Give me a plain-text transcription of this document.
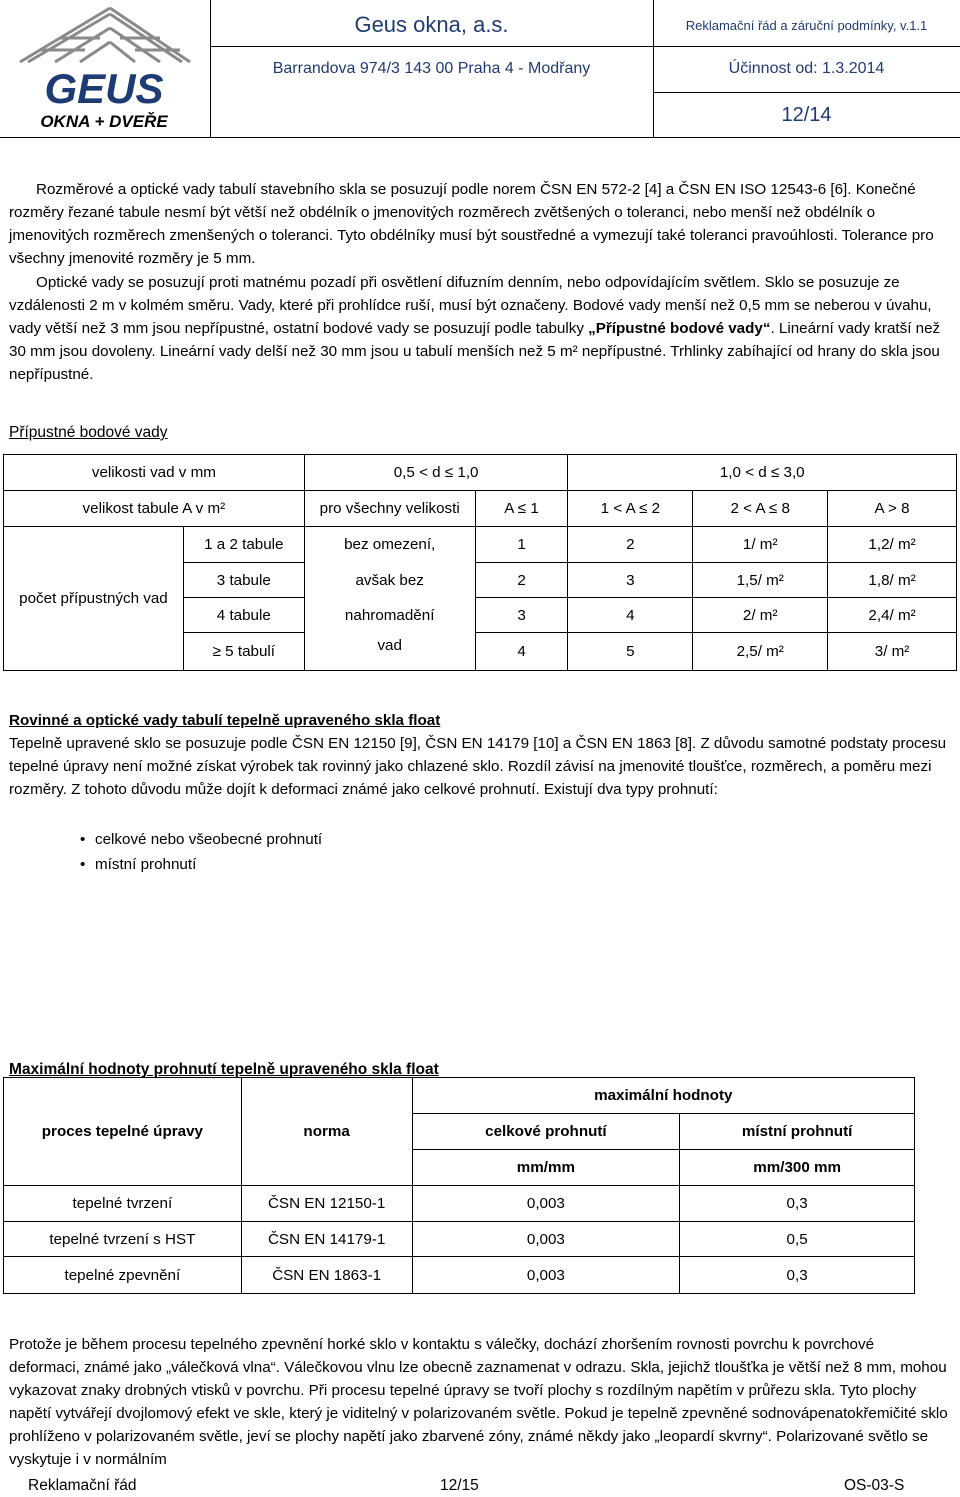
GEUS
OKNA + DVEŘE
Geus okna, a.s.
Barrandova 974/3 143 00 Praha 4 - Modřany
Reklamační řád a záruční podmínky, v.1.1
Účinnost od: 1.3.2014
12/14
Rozměrové a optické vady tabulí stavebního skla se posuzují podle norem ČSN EN 572-2 [4] a ČSN EN ISO 12543-6 [6]. Konečné rozměry řezané tabule nesmí být větší než obdélník o jmenovitých rozměrech zvětšených o toleranci, nebo menší než obdélník o jmenovitých rozměrech zmenšených o toleranci. Tyto obdélníky musí být soustředné a vymezují také toleranci pravoúhlosti. Tolerance pro všechny jmenovité rozměry je 5 mm.
Optické vady se posuzují proti matnému pozadí při osvětlení difuzním denním, nebo odpovídajícím světlem. Sklo se posuzuje ze vzdálenosti 2 m v kolmém směru. Vady, které při prohlídce ruší, musí být označeny. Bodové vady menší než 0,5 mm se neberou v úvahu, vady větší než 3 mm jsou nepřípustné, ostatní bodové vady se posuzují podle tabulky „Přípustné bodové vady“. Lineární vady kratší než 30 mm jsou dovoleny. Lineární vady delší než 30 mm jsou u tabulí menších než 5 m² nepřípustné. Trhlinky zabíhající od hrany do skla jsou nepřípustné.
Přípustné bodové vady
velikosti vad v mm		0,5 < d ≤ 1,0		1,0 < d ≤ 3,0		
velikost tabule A v m²		pro všechny velikosti	A ≤ 1	1 < A ≤ 2	2 < A ≤ 8	A > 8
počet přípustných vad	1 a 2 tabule	bez omezení,	1	2	1/ m²	1,2/ m²
	3 tabule	avšak bez	2	3	1,5/ m²	1,8/ m²
	4 tabule	nahromadění	3	4	2/ m²	2,4/ m²
	≥ 5 tabulí	vad	4	5	2,5/ m²	3/ m²
Rovinné a optické vady tabulí tepelně upraveného skla float
Tepelně upravené sklo se posuzuje podle ČSN EN 12150 [9], ČSN EN 14179 [10] a ČSN EN 1863 [8]. Z důvodu samotné podstaty procesu tepelné úpravy není možné získat výrobek tak rovinný jako chlazené sklo. Rozdíl závisí na jmenovité tloušťce, rozměrech, a poměru mezi rozměry. Z tohoto důvodu může dojít k deformaci známé jako celkové prohnutí. Existují dva typy prohnutí:
• celkové nebo všeobecné prohnutí
• místní prohnutí
Maximální hodnoty prohnutí tepelně upraveného skla float
proces tepelné úpravy	norma	maximální hodnoty	
		celkové prohnutí	místní prohnutí
		mm/mm	mm/300 mm
tepelné tvrzení	ČSN EN 12150-1	0,003	0,3
tepelné tvrzení s HST	ČSN EN 14179-1	0,003	0,5
tepelné zpevnění	ČSN EN 1863-1	0,003	0,3
Protože je během procesu tepelného zpevnění horké sklo v kontaktu s válečky, dochází zhoršením rovnosti povrchu k povrchové deformaci, známé jako „válečková vlna“. Válečkovou vlnu lze obecně zaznamenat v odrazu. Skla, jejichž tloušťka je větší než 8 mm, mohou vykazovat znaky drobných vtisků v povrchu. Při procesu tepelné úpravy se tvoří plochy s rozdílným napětím v průřezu skla. Tyto plochy napětí vytvářejí dvojlomový efekt ve skle, který je viditelný v polarizovaném světle. Pokud je tepelně zpevněné sodnovápenatokřemičité sklo prohlíženo v polarizovaném světle, jeví se plochy napětí jako zbarvené zóny, známé někdy jako „leopardí skvrny“. Polarizované světlo se vyskytuje i v normálním
Reklamační řád	12/15	OS-03-S
